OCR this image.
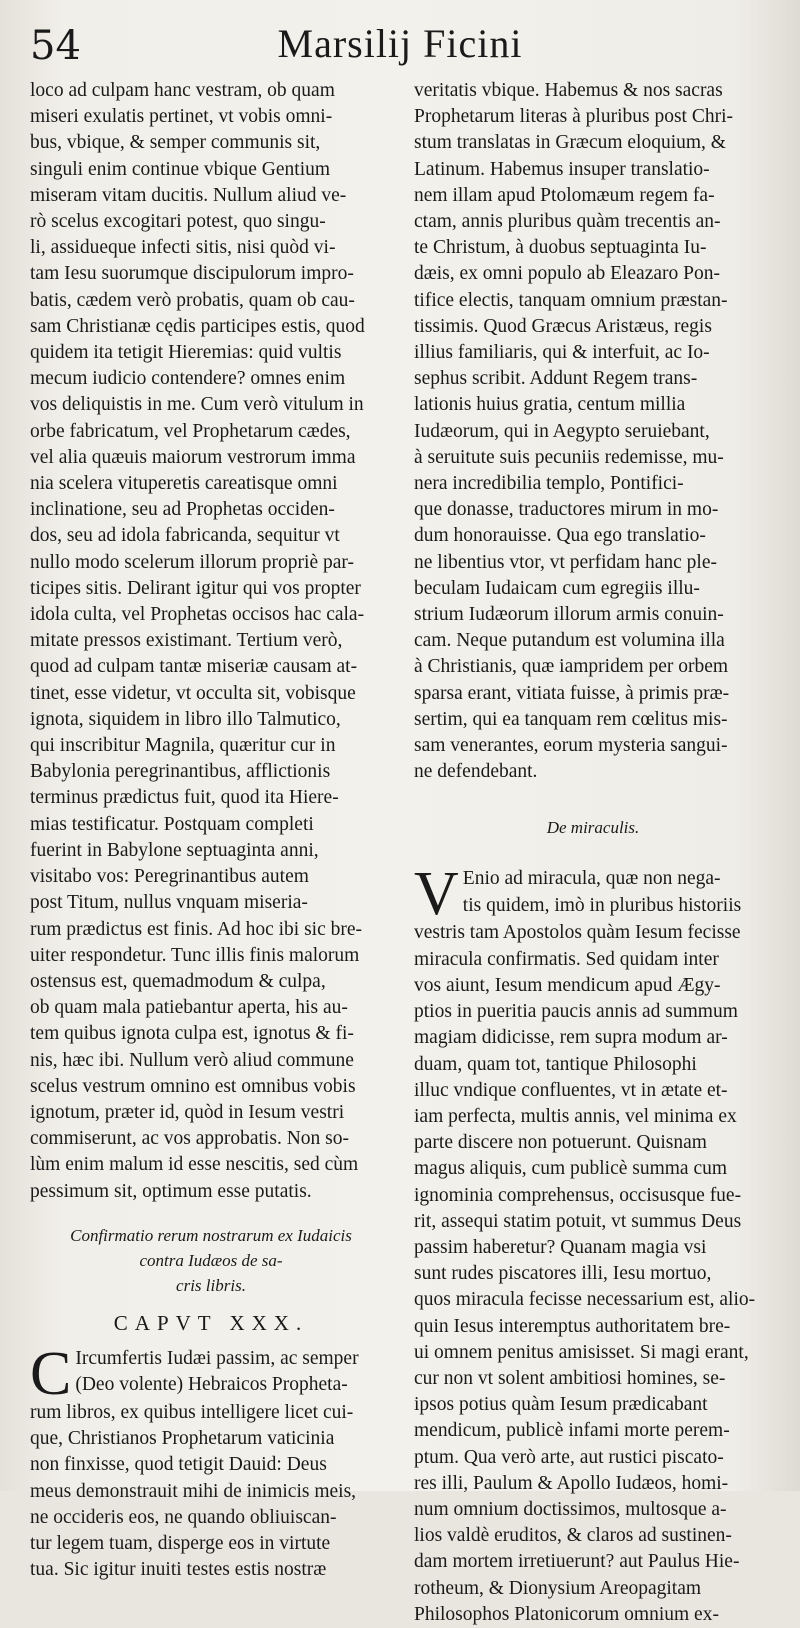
54	Marsilij Ficini
loco ad culpam hanc vestram, ob quam
miseri exulatis pertinet, vt vobis omni-
bus, vbique, & semper communis sit,
singuli enim continue vbique Gentium
miseram vitam ducitis. Nullum aliud ve-
rò scelus excogitari potest, quo singu-
li, assidueque infecti sitis, nisi quòd vi-
tam Iesu suorumque discipulorum impro-
batis, cædem verò probatis, quam ob cau-
sam Christianæ cędis participes estis, quod
quidem ita tetigit Hieremias: quid vultis
mecum iudicio contendere? omnes enim
vos deliquistis in me. Cum verò vitulum in
orbe fabricatum, vel Prophetarum cædes,
vel alia quæuis maiorum vestrorum imma
nia scelera vituperetis careatisque omni
inclinatione, seu ad Prophetas occiden-
dos, seu ad idola fabricanda, sequitur vt
nullo modo scelerum illorum propriè par-
ticipes sitis. Delirant igitur qui vos propter
idola culta, vel Prophetas occisos hac cala-
mitate pressos existimant. Tertium verò,
quod ad culpam tantæ miseriæ causam at-
tinet, esse videtur, vt occulta sit, vobisque
ignota, siquidem in libro illo Talmutico,
qui inscribitur Magnila, quæritur cur in
Babylonia peregrinantibus, afflictionis
terminus prædictus fuit, quod ita Hiere-
mias testificatur. Postquam completi
fuerint in Babylone septuaginta anni,
visitabo vos: Peregrinantibus autem
post Titum, nullus vnquam miseria-
rum prædictus est finis. Ad hoc ibi sic bre-
uiter respondetur. Tunc illis finis malorum
ostensus est, quemadmodum & culpa,
ob quam mala patiebantur aperta, his au-
tem quibus ignota culpa est, ignotus & fi-
nis, hæc ibi. Nullum verò aliud commune
scelus vestrum omnino est omnibus vobis
ignotum, præter id, quòd in Iesum vestri
commiserunt, ac vos approbatis. Non so-
lùm enim malum id esse nescitis, sed cùm
pessimum sit, optimum esse putatis.
Confirmatio rerum nostrarum ex Iudaicis
contra Iudæos de sa-
cris libris.
CAPVT XXX.
C Ircumfertis Iudæi passim, ac semper
(Deo volente) Hebraicos Propheta-
rum libros, ex quibus intelligere licet cui-
que, Christianos Prophetarum vaticinia
non finxisse, quod tetigit Dauid: Deus
meus demonstrauit mihi de inimicis meis,
ne occideris eos, ne quando obliuiscan-
tur legem tuam, disperge eos in virtute
tua. Sic igitur inuiti testes estis nostræ
veritatis vbique. Habemus & nos sacras
Prophetarum literas à pluribus post Chri-
stum translatas in Græcum eloquium, &
Latinum. Habemus insuper translatio-
nem illam apud Ptolomæum regem fa-
ctam, annis pluribus quàm trecentis an-
te Christum, à duobus septuaginta Iu-
dæis, ex omni populo ab Eleazaro Pon-
tifice electis, tanquam omnium præstan-
tissimis. Quod Græcus Aristæus, regis
illius familiaris, qui & interfuit, ac Io-
sephus scribit. Addunt Regem trans-
lationis huius gratia, centum millia
Iudæorum, qui in Aegypto seruiebant,
à seruitute suis pecuniis redemisse, mu-
nera incredibilia templo, Pontifici-
que donasse, traductores mirum in mo-
dum honorauisse. Qua ego translatio-
ne libentius vtor, vt perfidam hanc ple-
beculam Iudaicam cum egregiis illu-
strium Iudæorum illorum armis conuin-
cam. Neque putandum est volumina illa
à Christianis, quæ iampridem per orbem
sparsa erant, vitiata fuisse, à primis præ-
sertim, qui ea tanquam rem cœlitus mis-
sam venerantes, eorum mysteria sangui-
ne defendebant.
De miraculis.
V Enio ad miracula, quæ non nega-
tis quidem, imò in pluribus historiis
vestris tam Apostolos quàm Iesum fecisse
miracula confirmatis. Sed quidam inter
vos aiunt, Iesum mendicum apud Ægy-
ptios in pueritia paucis annis ad summum
magiam didicisse, rem supra modum ar-
duam, quam tot, tantique Philosophi
illuc vndique confluentes, vt in ætate et-
iam perfecta, multis annis, vel minima ex
parte discere non potuerunt. Quisnam
magus aliquis, cum publicè summa cum
ignominia comprehensus, occisusque fue-
rit, assequi statim potuit, vt summus Deus
passim haberetur? Quanam magia vsi
sunt rudes piscatores illi, Iesu mortuo,
quos miracula fecisse necessarium est, alio-
quin Iesus interemptus authoritatem bre-
ui omnem penitus amisisset. Si magi erant,
cur non vt solent ambitiosi homines, se-
ipsos potius quàm Iesum prædicabant
mendicum, publicè infami morte perem-
ptum. Qua verò arte, aut rustici piscato-
res illi, Paulum & Apollo Iudæos, homi-
num omnium doctissimos, multosque a-
lios valdè eruditos, & claros ad sustinen-
dam mortem irretiuerunt? aut Paulus Hie-
rotheum, & Dionysium Areopagitam
Philosophos Platonicorum omnium ex-
